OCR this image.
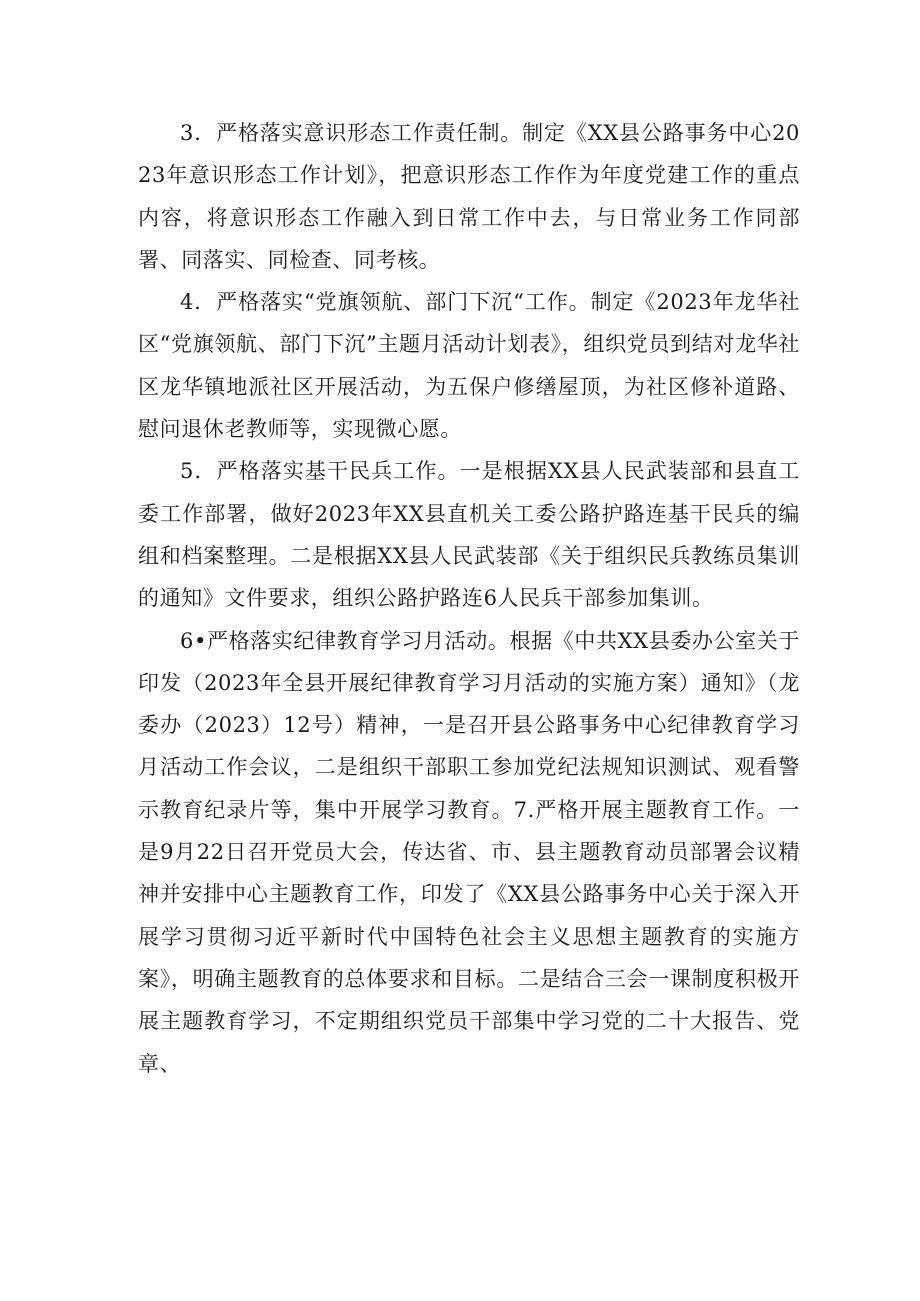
3．严格落实意识形态工作责任制。制定《XX县公路事务中心2023年意识形态工作计划》，把意识形态工作作为年度党建工作的重点内容，将意识形态工作融入到日常工作中去，与日常业务工作同部署、同落实、同检查、同考核。

4．严格落实“党旗领航、部门下沉“工作。制定《2023年龙华社区“党旗领航、部门下沉”主题月活动计划表》，组织党员到结对龙华社区龙华镇地派社区开展活动，为五保户修缮屋顶，为社区修补道路、慰问退休老教师等，实现微心愿。

5．严格落实基干民兵工作。一是根据XX县人民武装部和县直工委工作部署，做好2023年XX县直机关工委公路护路连基干民兵的编组和档案整理。二是根据XX县人民武装部《关于组织民兵教练员集训的通知》文件要求，组织公路护路连6人民兵干部参加集训。

6•严格落实纪律教育学习月活动。根据《中共XX县委办公室关于印发（2023年全县开展纪律教育学习月活动的实施方案）通知》（龙委办（2023）12号）精神，一是召开县公路事务中心纪律教育学习月活动工作会议，二是组织干部职工参加党纪法规知识测试、观看警示教育纪录片等，集中开展学习教育。7.严格开展主题教育工作。一是9月22日召开党员大会，传达省、市、县主题教育动员部署会议精神并安排中心主题教育工作，印发了《XX县公路事务中心关于深入开展学习贯彻习近平新时代中国特色社会主义思想主题教育的实施方案》，明确主题教育的总体要求和目标。二是结合三会一课制度积极开展主题教育学习，不定期组织党员干部集中学习党的二十大报告、党章、
